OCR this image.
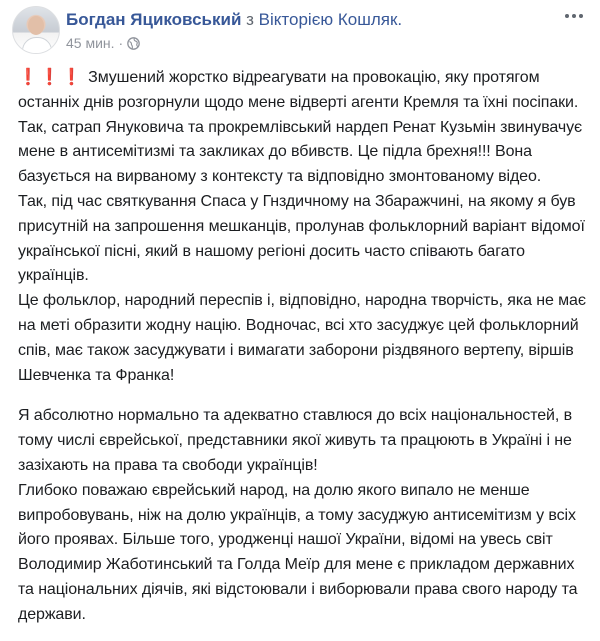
Богдан Яциковський з Вікторією Кошляк.
45 мин. ·

❗❗❗ Змушений жорстко відреагувати на провокацію, яку протягом останніх днів розгорнули щодо мене відверті агенти Кремля та їхні посіпаки.
Так, сатрап Януковича та прокремлівський нардеп Ренат Кузьмін звинувачує мене в антисемітизмі та закликах до вбивств. Це підла брехня!!! Вона базується на вирваному з контексту та відповідно змонтованому відео.
Так, під час святкування Спаса у Гнздичному на Збаражчині, на якому я був присутній на запрошення мешканців, пролунав фольклорний варіант відомої української пісні, який в нашому регіоні досить часто співають багато українців.
Це фольклор, народний переспів і, відповідно, народна творчість, яка не має на меті образити жодну націю. Водночас, всі хто засуджує цей фольклорний спів, має також засуджувати і вимагати заборони різдвяного вертепу, віршів Шевченка та Франка!

Я абсолютно нормально та адекватно ставлюся до всіх національностей, в тому числі єврейської, представники якої живуть та працюють в Україні і не зазіхають на права та свободи українців!
Глибоко поважаю єврейський народ, на долю якого випало не менше випробовувань, ніж на долю українців, а тому засуджую антисемітизм у всіх його проявах. Більше того, уродженці нашої України, відомі на увесь світ Володимир Жаботинський та Голда Меїр для мене є прикладом державних та національних діячів, які відстоювали і виборювали права свого народу та держави.
